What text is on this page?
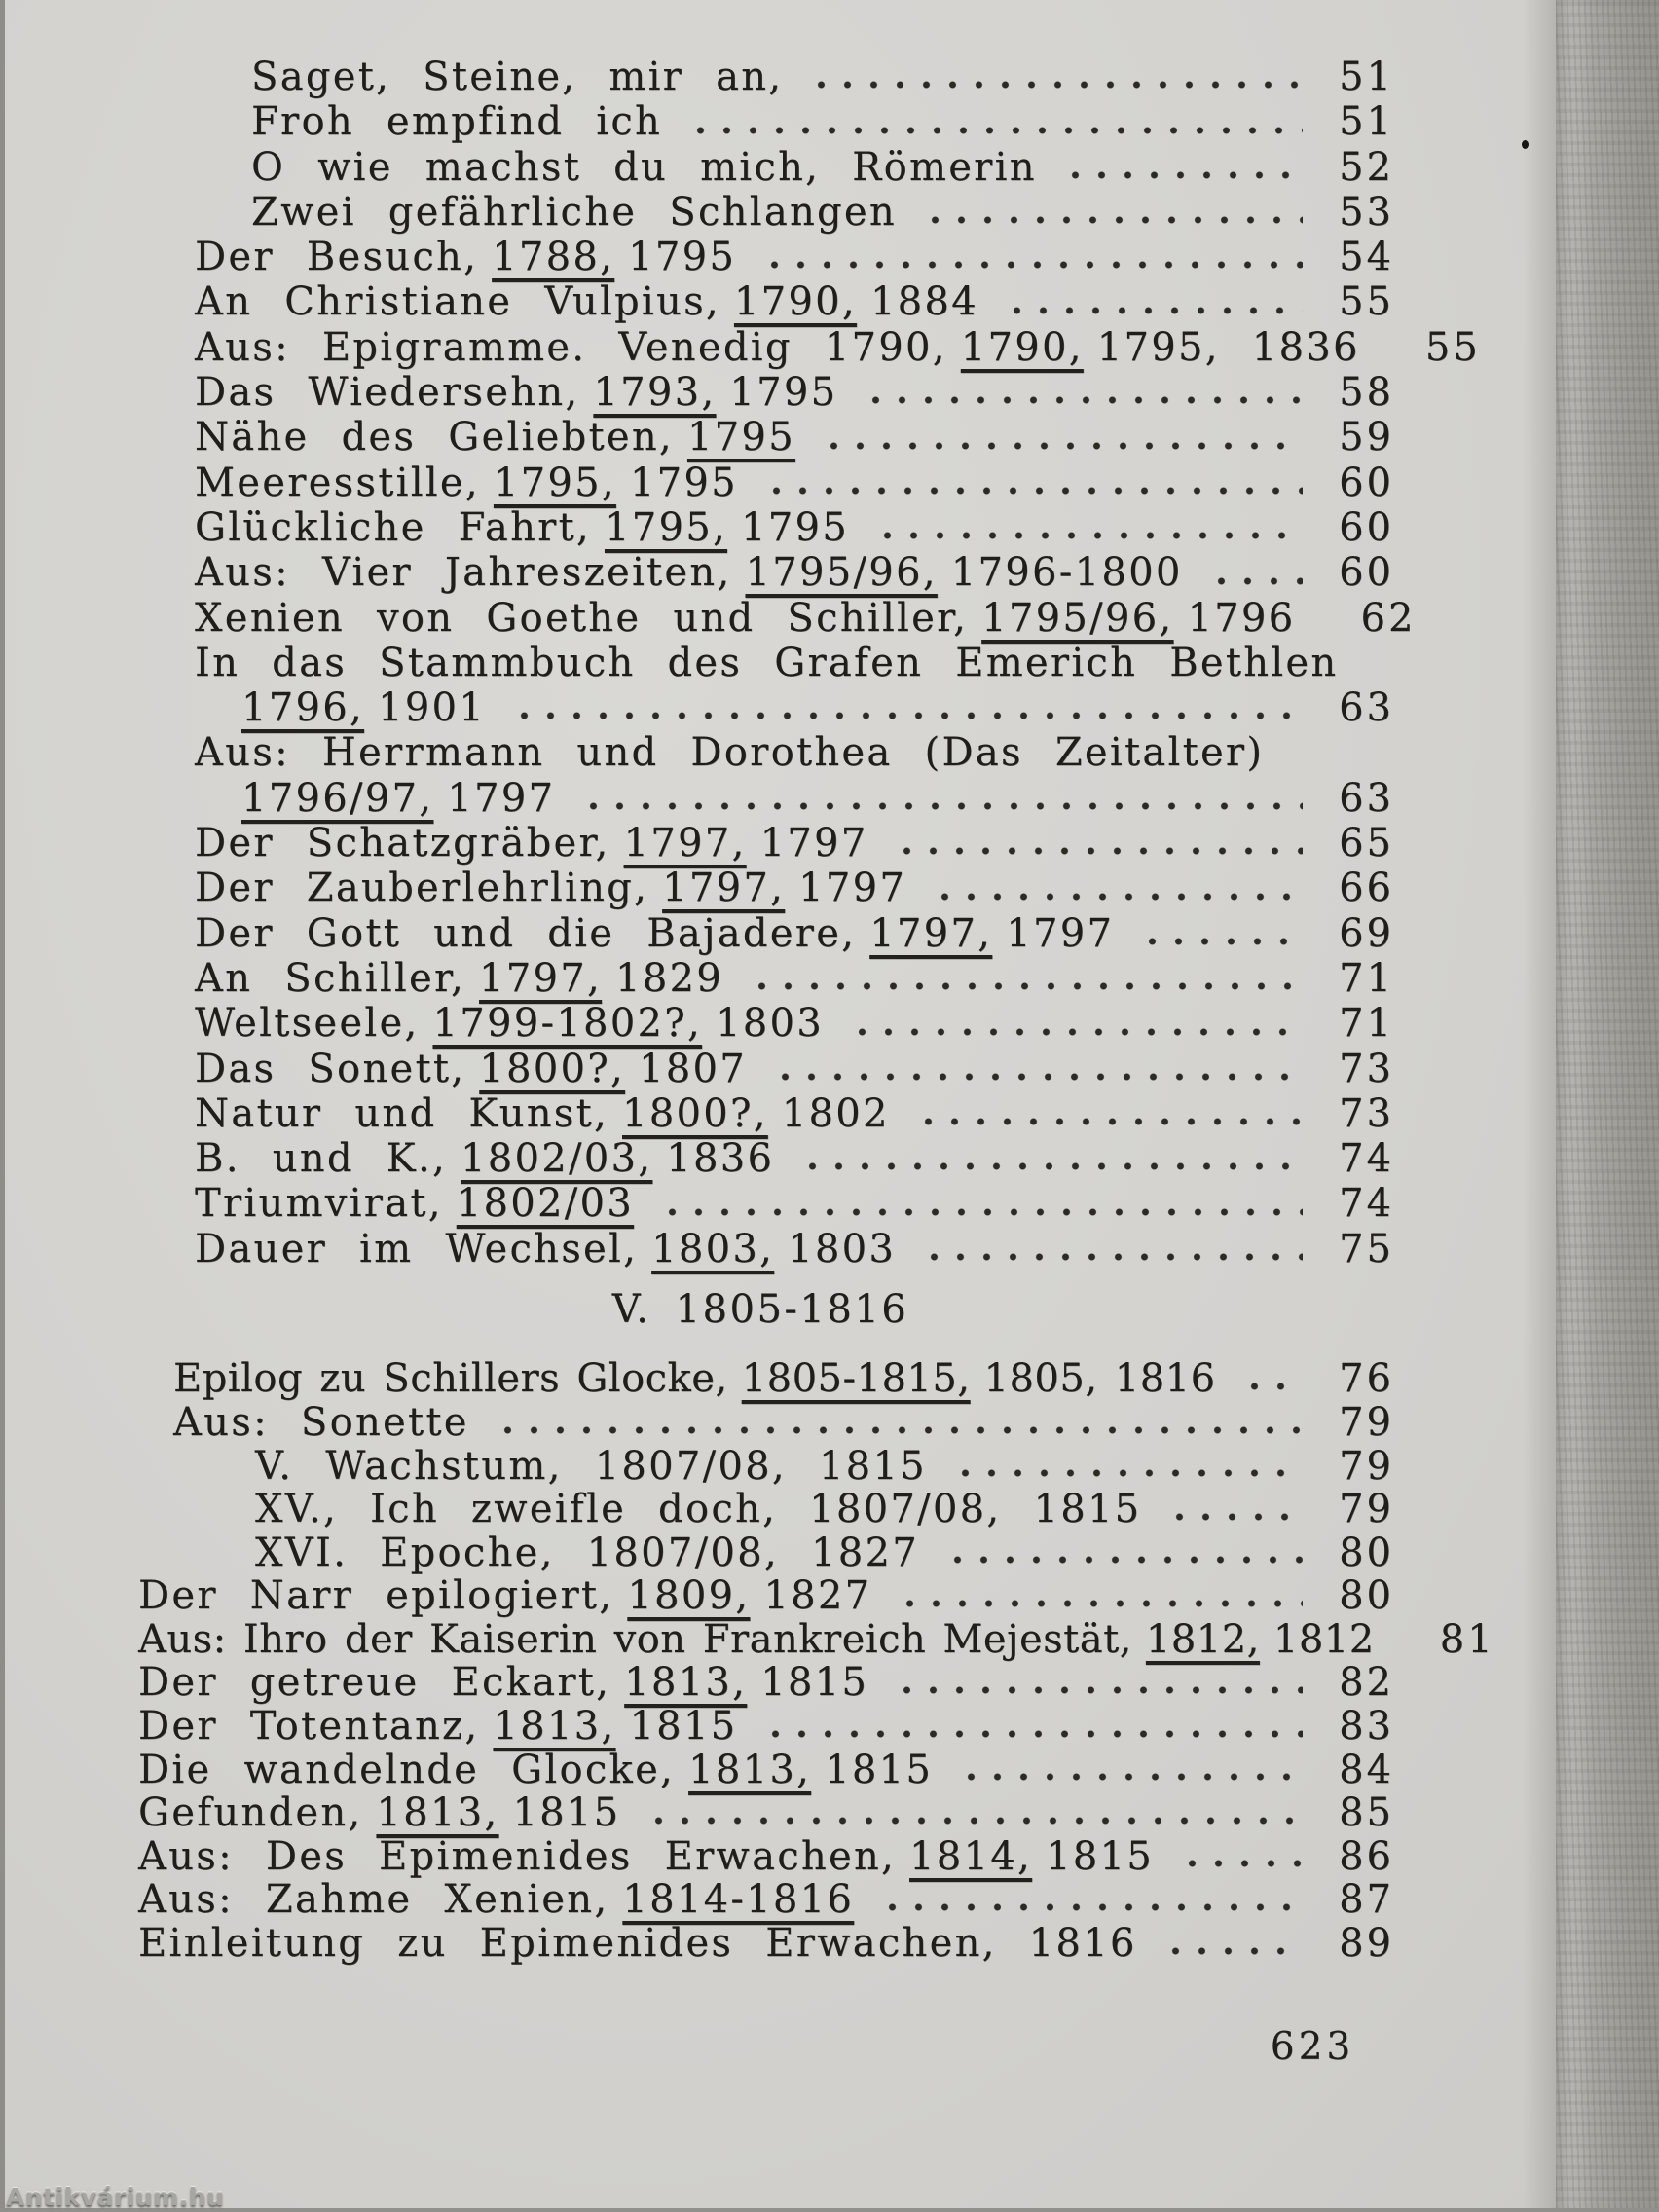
Saget, Steine, mir an,	51
Froh empfind ich	51
O wie machst du mich, Römerin	52
Zwei gefährliche Schlangen	53
Der Besuch, 1788, 1795	54
An Christiane Vulpius, 1790, 1884	55
Aus: Epigramme. Venedig 1790, 1790, 1795, 1836	55
Das Wiedersehn, 1793, 1795	58
Nähe des Geliebten, 1795	59
Meeresstille, 1795, 1795	60
Glückliche Fahrt, 1795, 1795	60
Aus: Vier Jahreszeiten, 1795/96, 1796-1800	60
Xenien von Goethe und Schiller, 1795/96, 1796	62
In das Stammbuch des Grafen Emerich Bethlen
1796, 1901	63
Aus: Herrmann und Dorothea (Das Zeitalter)
1796/97, 1797	63
Der Schatzgräber, 1797, 1797	65
Der Zauberlehrling, 1797, 1797	66
Der Gott und die Bajadere, 1797, 1797	69
An Schiller, 1797, 1829	71
Weltseele, 1799-1802?, 1803	71
Das Sonett, 1800?, 1807	73
Natur und Kunst, 1800?, 1802	73
B. und K., 1802/03, 1836	74
Triumvirat, 1802/03	74
Dauer im Wechsel, 1803, 1803	75
V. 1805-1816
Epilog zu Schillers Glocke, 1805-1815, 1805, 1816	76
Aus: Sonette	79
V. Wachstum, 1807/08, 1815	79
XV., Ich zweifle doch, 1807/08, 1815	79
XVI. Epoche, 1807/08, 1827	80
Der Narr epilogiert, 1809, 1827	80
Aus: Ihro der Kaiserin von Frankreich Mejestät, 1812, 1812	81
Der getreue Eckart, 1813, 1815	82
Der Totentanz, 1813, 1815	83
Die wandelnde Glocke, 1813, 1815	84
Gefunden, 1813, 1815	85
Aus: Des Epimenides Erwachen, 1814, 1815	86
Aus: Zahme Xenien, 1814-1816	87
Einleitung zu Epimenides Erwachen, 1816	89
623
Antikvárium.hu
